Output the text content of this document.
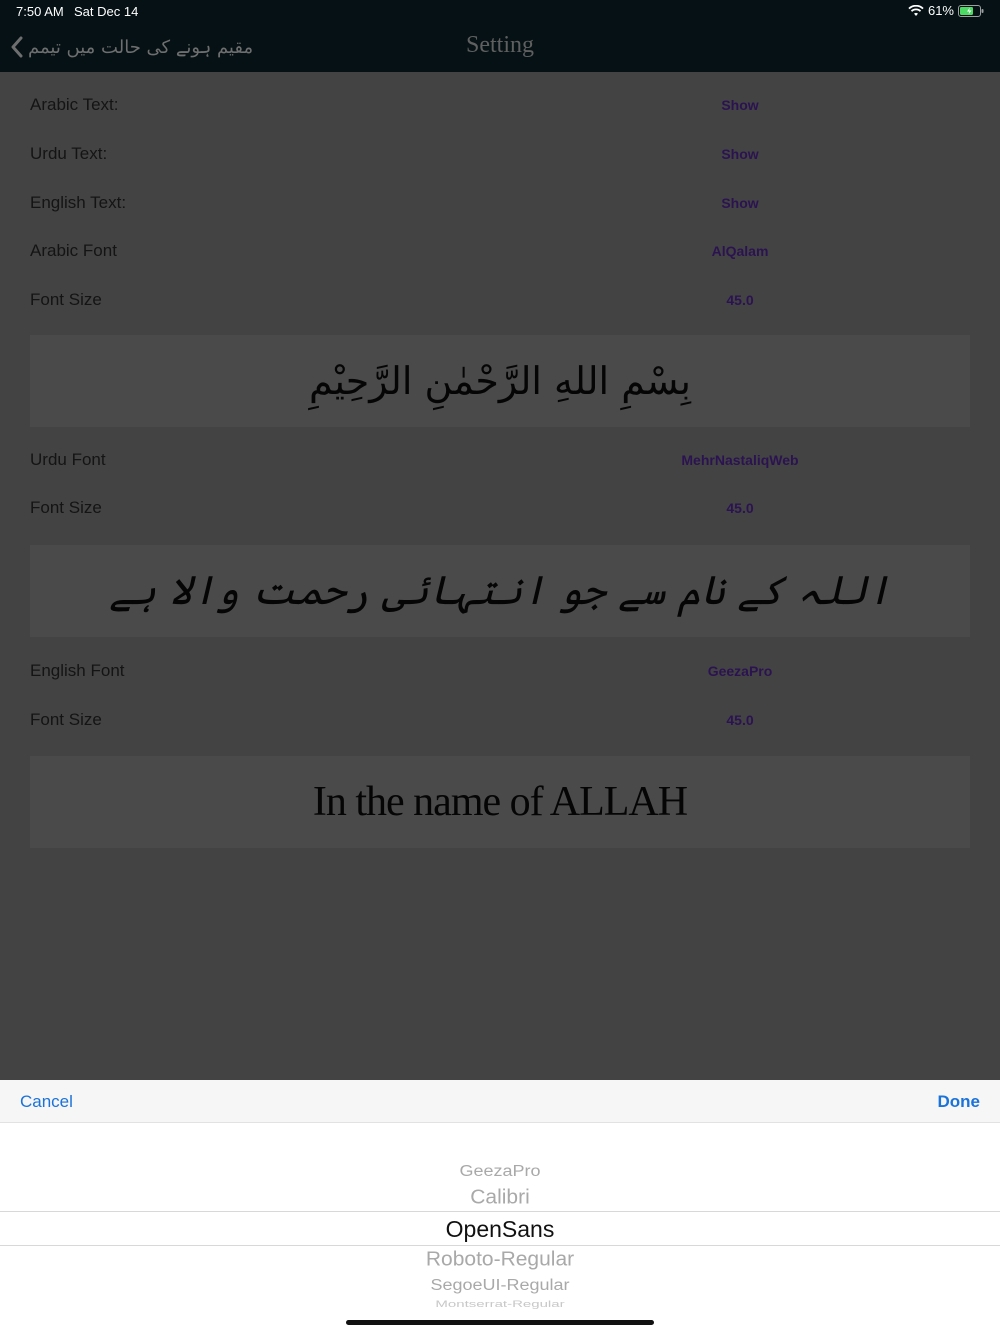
7:50 AM Sat Dec 14	61%
مقیم ہونے کی حالت میں تیمم	Setting
Arabic Text:	Show
Urdu Text:	Show
English Text:	Show
Arabic Font	AlQalam
Font Size	45.0
بِسْمِ اللهِ الرَّحْمٰنِ الرَّحِيْمِ
Urdu Font	MehrNastaliqWeb
Font Size	45.0
اللہ کے نام سے جو انتہائی رحمت والا ہے
English Font	GeezaPro
Font Size	45.0
In the name of ALLAH
Cancel	Done
GeezaPro
Calibri
OpenSans
Roboto-Regular
SegoeUI-Regular
Montserrat-Regular
